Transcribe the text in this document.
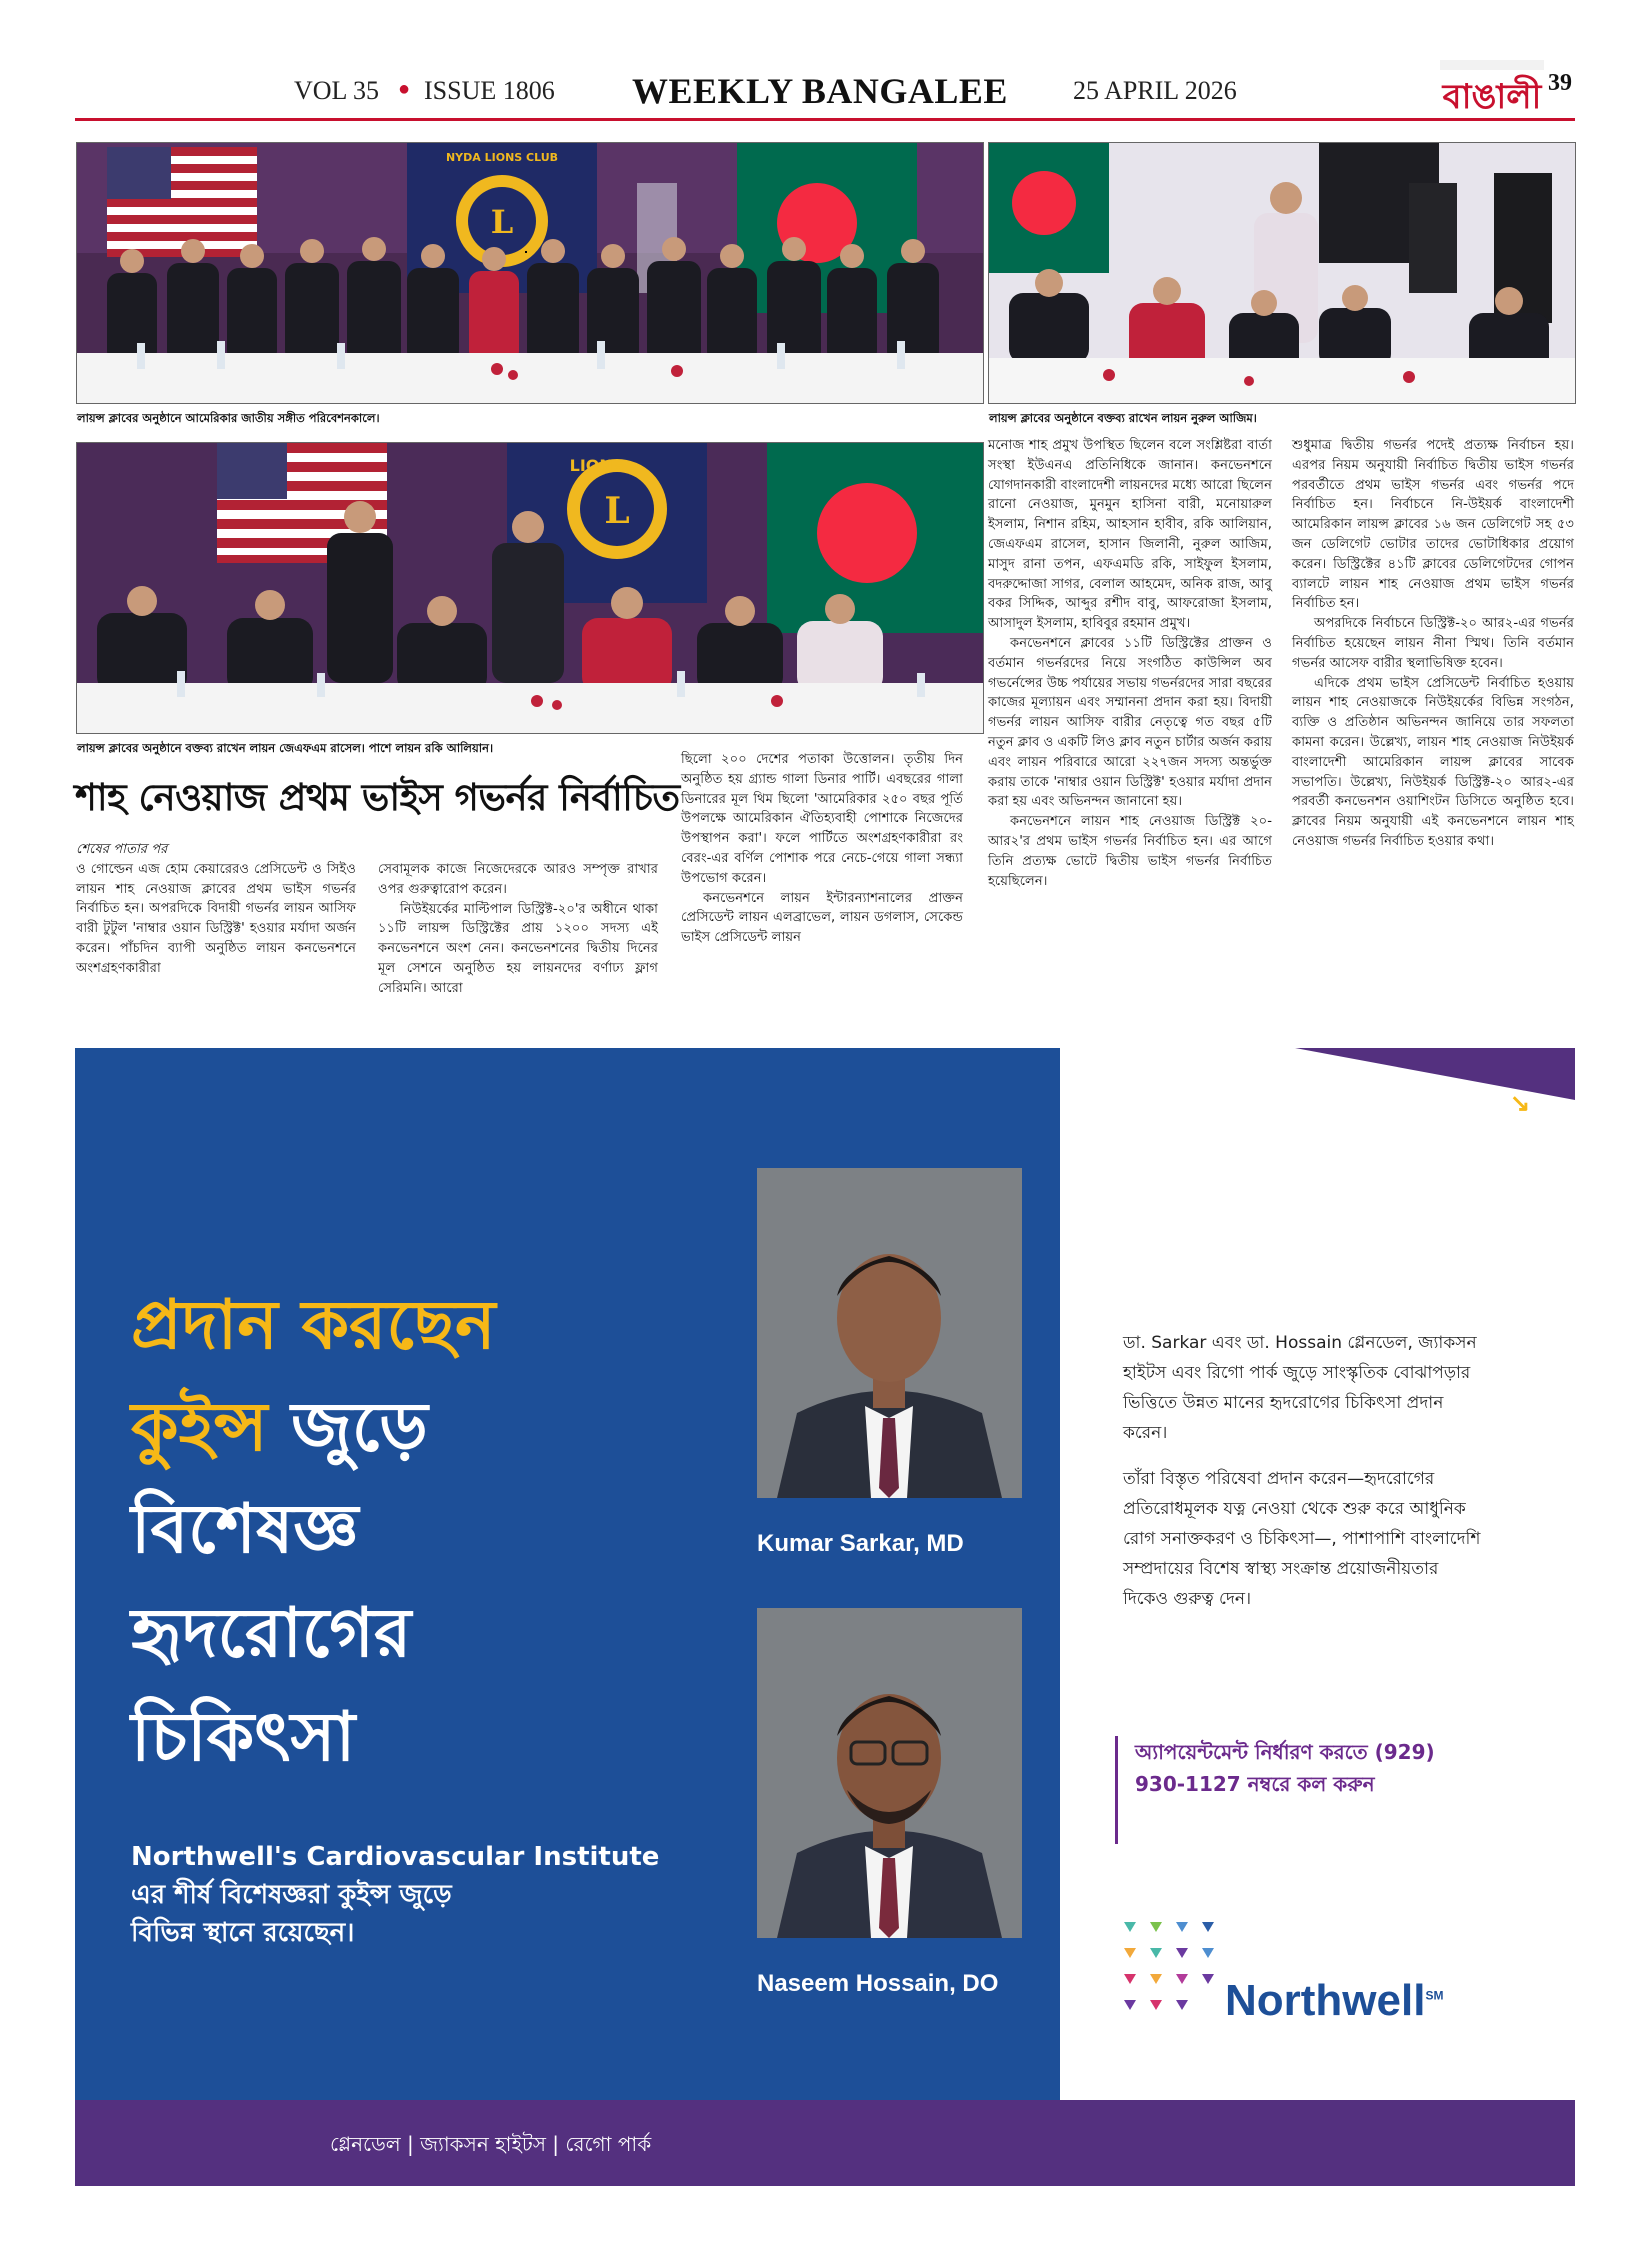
VOL 35 ● ISSUE 1806 WEEKLY BANGALEE	25 APRIL 2026	বাঙালী 39
L
NYDA LIONS CLUB
লায়ন্স ক্লাবের অনুষ্ঠানে আমেরিকার জাতীয় সঙ্গীত পরিবেশনকালে।	লায়ন্স ক্লাবের অনুষ্ঠানে বক্তব্য রাখেন লায়ন নুরুল আজিম।
L
LIONS
লায়ন্স ক্লাবের অনুষ্ঠানে বক্তব্য রাখেন লায়ন জেএফএম রাসেল। পাশে লায়ন রকি আলিয়ান।
শাহ নেওয়াজ প্রথম ভাইস গভর্নর নির্বাচিত

শেষের পাতার পর

ও গোল্ডেন এজ হোম কেয়ারেরও প্রেসিডেন্ট ও সিইও লায়ন শাহ নেওয়াজ ক্লাবের প্রথম ভাইস গভর্নর নির্বাচিত হন। অপরদিকে বিদায়ী গভর্নর লায়ন আসিফ বারী টুটুল 'নাম্বার ওয়ান ডিস্ট্রিক্ট' হওয়ার মর্যাদা অর্জন করেন। পাঁচদিন ব্যাপী অনুষ্ঠিত লায়ন কনভেনশনে অংশগ্রহণকারীরা

সেবামূলক কাজে নিজেদেরকে আরও সম্পৃক্ত রাখার ওপর গুরুত্বারোপ করেন।

নিউইয়র্কের মাল্টিপাল ডিস্ট্রিক্ট-২০'র অধীনে থাকা ১১টি লায়ন্স ডিস্ট্রিক্টের প্রায় ১২০০ সদস্য এই কনভেনশনে অংশ নেন। কনভেনশনের দ্বিতীয় দিনের মূল সেশনে অনুষ্ঠিত হয় লায়নদের বর্ণাঢ্য ফ্লাগ সেরিমনি। আরো

ছিলো ২০০ দেশের পতাকা উত্তোলন। তৃতীয় দিন অনুষ্ঠিত হয় গ্র্যান্ড গালা ডিনার পার্টি। এবছরের গালা ডিনারের মূল থিম ছিলো 'আমেরিকার ২৫০ বছর পূর্তি উপলক্ষে আমেরিকান ঐতিহ্যবাহী পোশাকে নিজেদের উপস্থাপন করা'। ফলে পার্টিতে অংশগ্রহণকারীরা রং বেরং-এর বর্ণিল পোশাক পরে নেচে-গেয়ে গালা সন্ধ্যা উপভোগ করেন।

কনভেনশনে লায়ন ইন্টারন্যাশনালের প্রাক্তন প্রেসিডেন্ট লায়ন এলব্রাভেল, লায়ন ডগলাস, সেকেন্ড ভাইস প্রেসিডেন্ট লায়ন

মনোজ শাহ প্রমুখ উপস্থিত ছিলেন বলে সংশ্লিষ্টরা বার্তা সংস্থা ইউএনএ প্রতিনিধিকে জানান। কনভেনশনে যোগদানকারী বাংলাদেশী লায়নদের মধ্যে আরো ছিলেন রানো নেওয়াজ, মুনমুন হাসিনা বারী, মনোয়ারুল ইসলাম, নিশান রহিম, আহসান হাবীব, রকি আলিয়ান, জেএফএম রাসেল, হাসান জিলানী, নুরুল আজিম, মাসুদ রানা তপন, এফএমডি রকি, সাইফুল ইসলাম, বদরুদ্দোজা সাগর, বেলাল আহমেদ, অনিক রাজ, আবু বকর সিদ্দিক, আব্দুর রশীদ বাবু, আফরোজা ইসলাম, আসাদুল ইসলাম, হাবিবুর রহমান প্রমুখ।

কনভেনশনে ক্লাবের ১১টি ডিস্ট্রিক্টের প্রাক্তন ও বর্তমান গভর্নরদের নিয়ে সংগঠিত কাউন্সিল অব গভর্নেন্সের উচ্চ পর্যায়ের সভায় গভর্নরদের সারা বছরের কাজের মূল্যায়ন এবং সম্মাননা প্রদান করা হয়। বিদায়ী গভর্নর লায়ন আসিফ বারীর নেতৃত্বে গত বছর ৫টি নতুন ক্লাব ও একটি লিও ক্লাব নতুন চার্টার অর্জন করায় এবং লায়ন পরিবারে আরো ২২৭জন সদস্য অন্তর্ভুক্ত করায় তাকে 'নাম্বার ওয়ান ডিস্ট্রিক্ট' হওয়ার মর্যাদা প্রদান করা হয় এবং অভিনন্দন জানানো হয়।

কনভেনশনে লায়ন শাহ নেওয়াজ ডিস্ট্রিক্ট ২০-আর২'র প্রথম ভাইস গভর্নর নির্বাচিত হন। এর আগে তিনি প্রত্যক্ষ ভোটে দ্বিতীয় ভাইস গভর্নর নির্বাচিত হয়েছিলেন।

শুধুমাত্র দ্বিতীয় গভর্নর পদেই প্রত্যক্ষ নির্বাচন হয়। এরপর নিয়ম অনুযায়ী নির্বাচিত দ্বিতীয় ভাইস গভর্নর পরবর্তীতে প্রথম ভাইস গভর্নর এবং গভর্নর পদে নির্বাচিত হন। নির্বাচনে নি-উইয়র্ক বাংলাদেশী আমেরিকান লায়ন্স ক্লাবের ১৬ জন ডেলিগেট সহ ৫৩ জন ডেলিগেট ভোটার তাদের ভোটাধিকার প্রয়োগ করেন। ডিস্ট্রিক্টের ৪১টি ক্লাবের ডেলিগেটদের গোপন ব্যালটে লায়ন শাহ নেওয়াজ প্রথম ভাইস গভর্নর নির্বাচিত হন।

অপরদিকে নির্বাচনে ডিস্ট্রিক্ট-২০ আর২-এর গভর্নর নির্বাচিত হয়েছেন লায়ন নীনা স্মিথ। তিনি বর্তমান গভর্নর আসেফ বারীর স্থলাভিষিক্ত হবেন।

এদিকে প্রথম ভাইস প্রেসিডেন্ট নির্বাচিত হওয়ায় লায়ন শাহ নেওয়াজকে নিউইয়র্কের বিভিন্ন সংগঠন, ব্যক্তি ও প্রতিষ্ঠান অভিনন্দন জানিয়ে তার সফলতা কামনা করেন। উল্লেখ্য, লায়ন শাহ নেওয়াজ নিউইয়র্ক বাংলাদেশী আমেরিকান লায়ন্স ক্লাবের সাবেক সভাপতি। উল্লেখ্য, নিউইয়র্ক ডিস্ট্রিক্ট-২০ আর২-এর পরবর্তী কনভেনশন ওয়াশিংটন ডিসিতে অনুষ্ঠিত হবে। ক্লাবের নিয়ম অনুযায়ী এই কনভেনশনে লায়ন শাহ নেওয়াজ গভর্নর নির্বাচিত হওয়ার কথা।

RAISE ↘
HEALTH
প্রদান করছেন
কুইন্স জুড়ে
বিশেষজ্ঞ
হৃদরোগের
চিকিৎসা
Northwell's Cardiovascular Institute
এর শীর্ষ বিশেষজ্ঞরা কুইন্স জুড়ে
বিভিন্ন স্থানে রয়েছেন।
Kumar Sarkar, MD
Naseem Hossain, DO
ডা. Sarkar এবং ডা. Hossain গ্লেনডেল, জ্যাকসন হাইটস এবং রিগো পার্ক জুড়ে সাংস্কৃতিক বোঝাপড়ার ভিত্তিতে উন্নত মানের হৃদরোগের চিকিৎসা প্রদান করেন।
তাঁরা বিস্তৃত পরিষেবা প্রদান করেন—হৃদরোগের প্রতিরোধমূলক যত্ন নেওয়া থেকে শুরু করে আধুনিক রোগ সনাক্তকরণ ও চিকিৎসা—, পাশাপাশি বাংলাদেশি সম্প্রদায়ের বিশেষ স্বাস্থ্য সংক্রান্ত প্রয়োজনীয়তার দিকেও গুরুত্ব দেন।
অ্যাপয়েন্টমেন্ট নির্ধারণ করতে (929) 930-1127 নম্বরে কল করুন
Northwell℠
গ্লেনডেল | জ্যাকসন হাইটস | রেগো পার্ক
